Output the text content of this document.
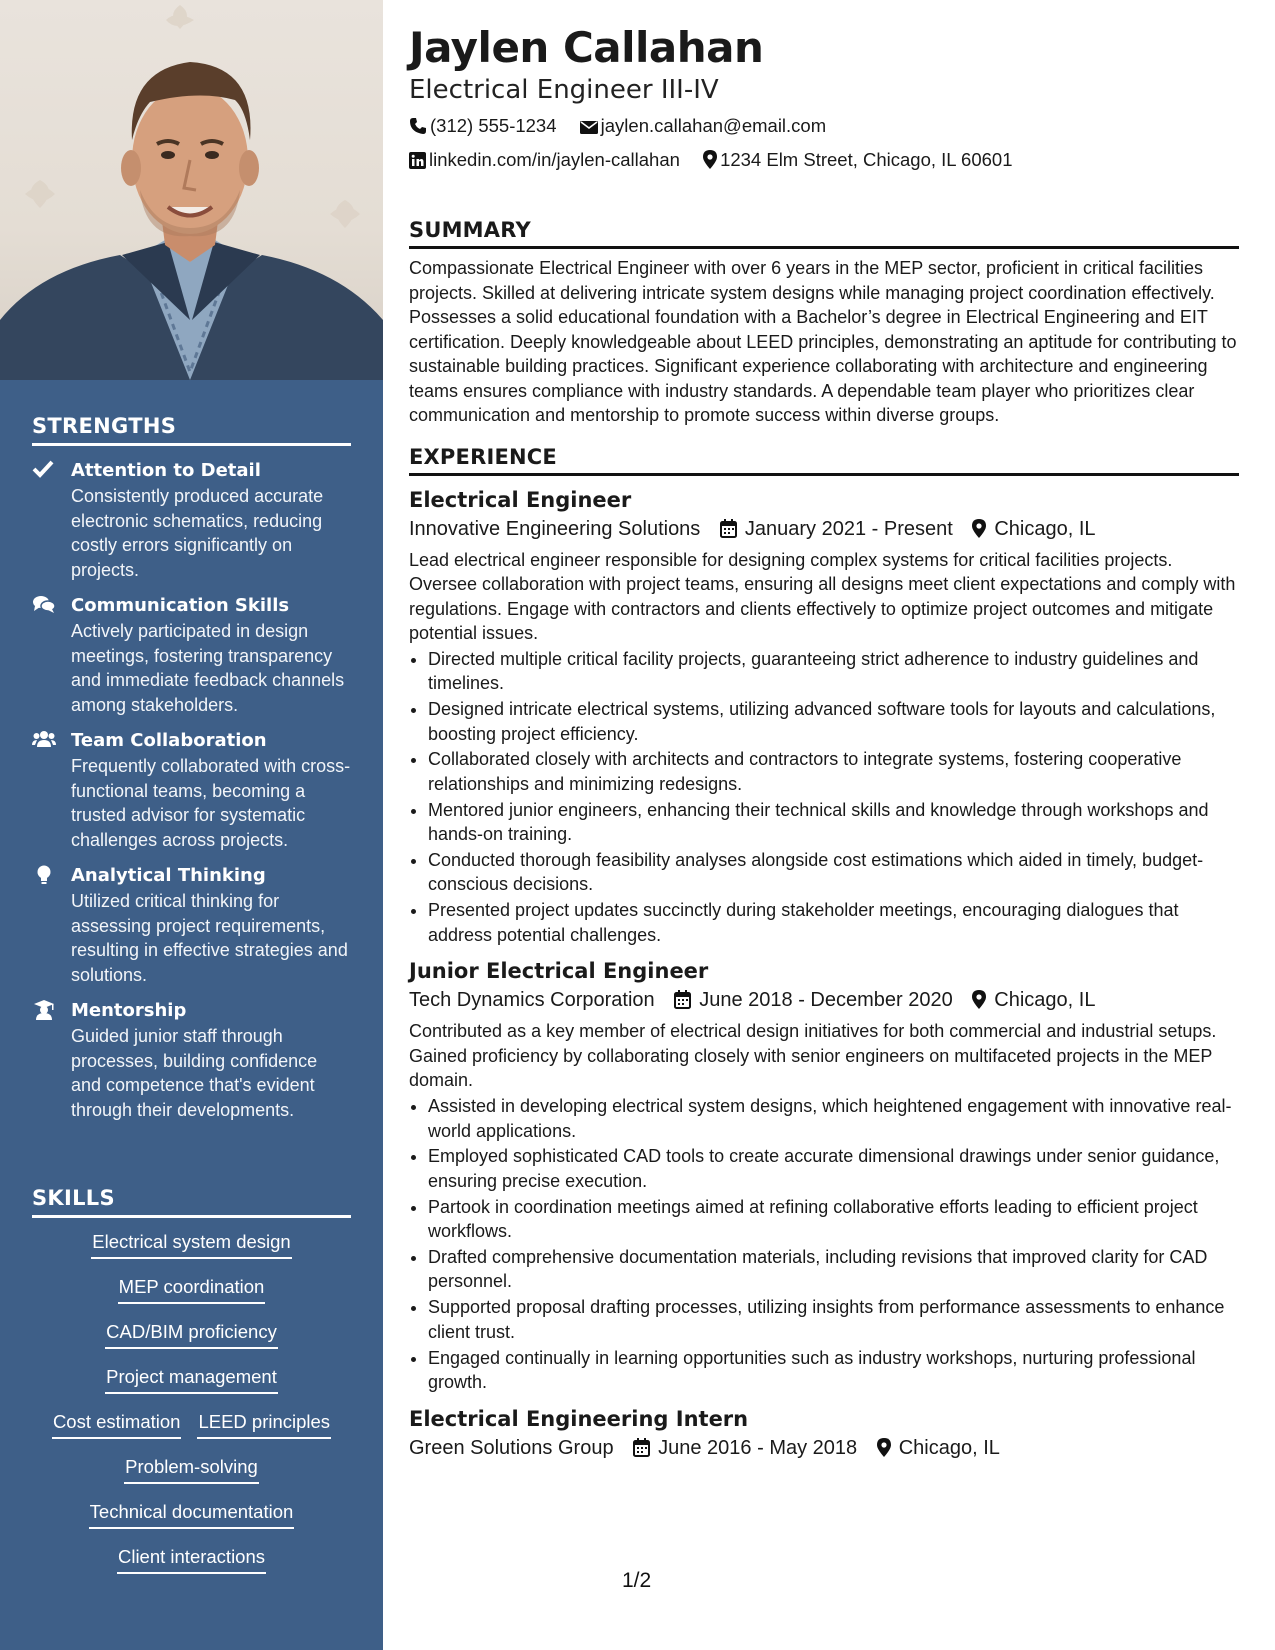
STRENGTHS
Attention to Detail
Consistently produced accurate electronic schematics, reducing costly errors significantly on projects.
Communication Skills
Actively participated in design meetings, fostering transparency and immediate feedback channels among stakeholders.
Team Collaboration
Frequently collaborated with cross-functional teams, becoming a trusted advisor for systematic challenges across projects.
Analytical Thinking
Utilized critical thinking for assessing project requirements, resulting in effective strategies and solutions.
Mentorship
Guided junior staff through processes, building confidence and competence that's evident through their developments.
SKILLS
Electrical system design
MEP coordination
CAD/BIM proficiency
Project management
Cost estimation LEED principles
Problem-solving
Technical documentation
Client interactions
Jaylen Callahan
Electrical Engineer III-IV
(312) 555-1234 jaylen.callahan@email.com
linkedin.com/in/jaylen-callahan 1234 Elm Street, Chicago, IL 60601
SUMMARY
Compassionate Electrical Engineer with over 6 years in the MEP sector, proficient in critical facilities projects. Skilled at delivering intricate system designs while managing project coordination effectively. Possesses a solid educational foundation with a Bachelor’s degree in Electrical Engineering and EIT certification. Deeply knowledgeable about LEED principles, demonstrating an aptitude for contributing to sustainable building practices. Significant experience collaborating with architecture and engineering teams ensures compliance with industry standards. A dependable team player who prioritizes clear communication and mentorship to promote success within diverse groups.
EXPERIENCE
Electrical Engineer
Innovative Engineering Solutions January 2021 - Present Chicago, IL
Lead electrical engineer responsible for designing complex systems for critical facilities projects. Oversee collaboration with project teams, ensuring all designs meet client expectations and comply with regulations. Engage with contractors and clients effectively to optimize project outcomes and mitigate potential issues.
• Directed multiple critical facility projects, guaranteeing strict adherence to industry guidelines and timelines.
• Designed intricate electrical systems, utilizing advanced software tools for layouts and calculations, boosting project efficiency.
• Collaborated closely with architects and contractors to integrate systems, fostering cooperative relationships and minimizing redesigns.
• Mentored junior engineers, enhancing their technical skills and knowledge through workshops and hands-on training.
• Conducted thorough feasibility analyses alongside cost estimations which aided in timely, budget-conscious decisions.
• Presented project updates succinctly during stakeholder meetings, encouraging dialogues that address potential challenges.
Junior Electrical Engineer
Tech Dynamics Corporation June 2018 - December 2020 Chicago, IL
Contributed as a key member of electrical design initiatives for both commercial and industrial setups. Gained proficiency by collaborating closely with senior engineers on multifaceted projects in the MEP domain.
• Assisted in developing electrical system designs, which heightened engagement with innovative real-world applications.
• Employed sophisticated CAD tools to create accurate dimensional drawings under senior guidance, ensuring precise execution.
• Partook in coordination meetings aimed at refining collaborative efforts leading to efficient project workflows.
• Drafted comprehensive documentation materials, including revisions that improved clarity for CAD personnel.
• Supported proposal drafting processes, utilizing insights from performance assessments to enhance client trust.
• Engaged continually in learning opportunities such as industry workshops, nurturing professional growth.
Electrical Engineering Intern
Green Solutions Group June 2016 - May 2018 Chicago, IL
1/2
